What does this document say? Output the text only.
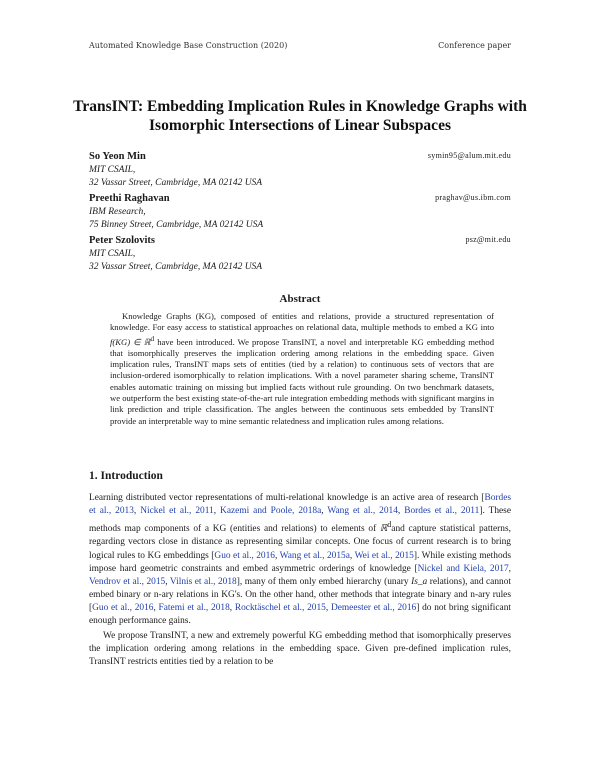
Automated Knowledge Base Construction (2020)	Conference paper
TransINT: Embedding Implication Rules in Knowledge Graphs with Isomorphic Intersections of Linear Subspaces
So Yeon Min	symin95@alum.mit.edu
MIT CSAIL,
32 Vassar Street, Cambridge, MA 02142 USA
Preethi Raghavan	praghav@us.ibm.com
IBM Research,
75 Binney Street, Cambridge, MA 02142 USA
Peter Szolovits	psz@mit.edu
MIT CSAIL,
32 Vassar Street, Cambridge, MA 02142 USA
Abstract

Knowledge Graphs (KG), composed of entities and relations, provide a structured representation of knowledge. For easy access to statistical approaches on relational data, multiple methods to embed a KG into f(KG) ∈ ℝ$^d$ have been introduced. We propose TransINT, a novel and interpretable KG embedding method that isomorphically preserves the implication ordering among relations in the embedding space. Given implication rules, TransINT maps sets of entities (tied by a relation) to continuous sets of vectors that are inclusion-ordered isomorphically to relation implications. With a novel parameter sharing scheme, TransINT enables automatic training on missing but implied facts without rule grounding. On two benchmark datasets, we outperform the best existing state-of-the-art rule integration embedding methods with significant margins in link prediction and triple classification. The angles between the continuous sets embedded by TransINT provide an interpretable way to mine semantic relatedness and implication rules among relations.

1. Introduction

Learning distributed vector representations of multi-relational knowledge is an active area of research [Bordes et al., 2013, Nickel et al., 2011, Kazemi and Poole, 2018a, Wang et al., 2014, Bordes et al., 2011]. These methods map components of a KG (entities and relations) to elements of ℝ$^d$and capture statistical patterns, regarding vectors close in distance as representing similar concepts. One focus of current research is to bring logical rules to KG embeddings [Guo et al., 2016, Wang et al., 2015a, Wei et al., 2015]. While existing methods impose hard geometric constraints and embed asymmetric orderings of knowledge [Nickel and Kiela, 2017, Vendrov et al., 2015, Vilnis et al., 2018], many of them only embed hierarchy (unary Is_a relations), and cannot embed binary or n-ary relations in KG's. On the other hand, other methods that integrate binary and n-ary rules [Guo et al., 2016, Fatemi et al., 2018, Rocktäschel et al., 2015, Demeester et al., 2016] do not bring significant enough performance gains.

We propose TransINT, a new and extremely powerful KG embedding method that isomorphically preserves the implication ordering among relations in the embedding space. Given pre-defined implication rules, TransINT restricts entities tied by a relation to be
